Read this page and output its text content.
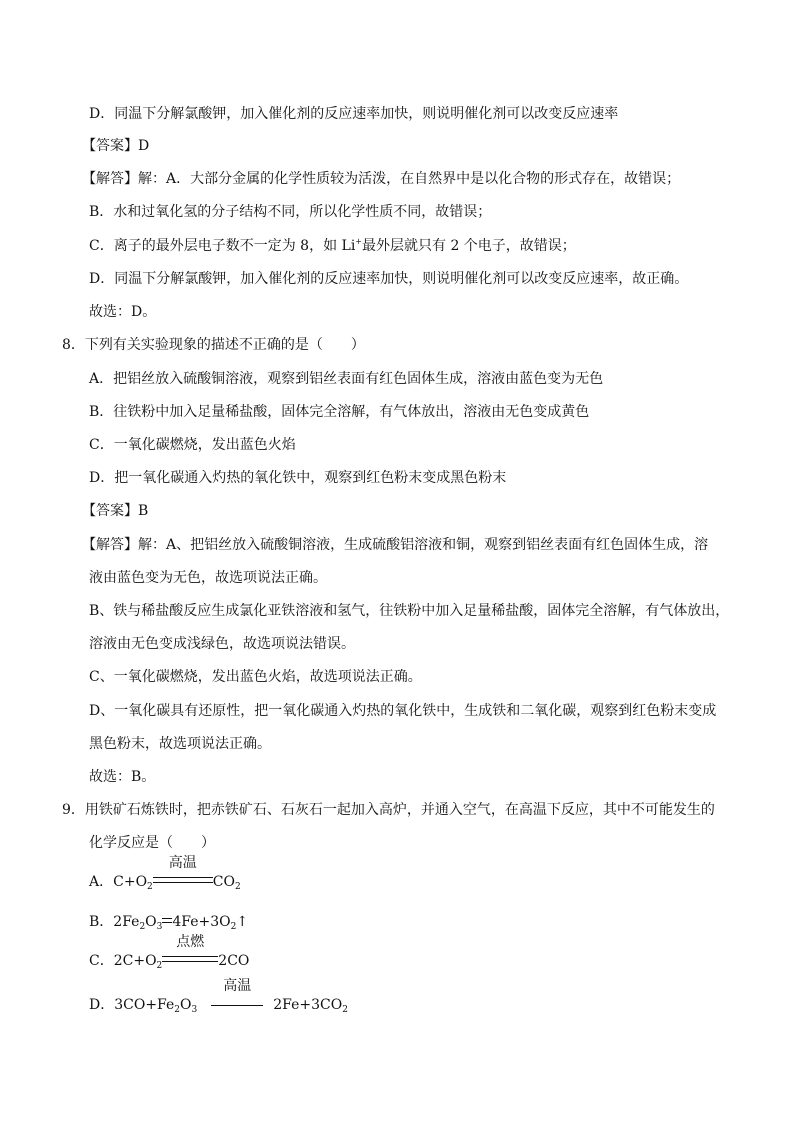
D．同温下分解氯酸钾，加入催化剂的反应速率加快，则说明催化剂可以改变反应速率
【答案】D
【解答】解：A．大部分金属的化学性质较为活泼，在自然界中是以化合物的形式存在，故错误；
B．水和过氧化氢的分子结构不同，所以化学性质不同，故错误；
C．离子的最外层电子数不一定为 8，如 Li+最外层就只有 2 个电子，故错误；
D．同温下分解氯酸钾，加入催化剂的反应速率加快，则说明催化剂可以改变反应速率，故正确。
故选：D。
8．下列有关实验现象的描述不正确的是（　　）
A．把铝丝放入硫酸铜溶液，观察到铝丝表面有红色固体生成，溶液由蓝色变为无色
B．往铁粉中加入足量稀盐酸，固体完全溶解，有气体放出，溶液由无色变成黄色
C．一氧化碳燃烧，发出蓝色火焰
D．把一氧化碳通入灼热的氧化铁中，观察到红色粉末变成黑色粉末
【答案】B
【解答】解：A、把铝丝放入硫酸铜溶液，生成硫酸铝溶液和铜，观察到铝丝表面有红色固体生成，溶
液由蓝色变为无色，故选项说法正确。
B、铁与稀盐酸反应生成氯化亚铁溶液和氢气，往铁粉中加入足量稀盐酸，固体完全溶解，有气体放出，
溶液由无色变成浅绿色，故选项说法错误。
C、一氧化碳燃烧，发出蓝色火焰，故选项说法正确。
D、一氧化碳具有还原性，把一氧化碳通入灼热的氧化铁中，生成铁和二氧化碳，观察到红色粉末变成
黑色粉末，故选项说法正确。
故选：B。
9．用铁矿石炼铁时，把赤铁矿石、石灰石一起加入高炉，并通入空气，在高温下反应，其中不可能发生的
化学反应是（　　）
A．$C+O_2$
高温
$CO_2$
B．$2Fe_2O_3$ $4Fe+3O_2↑$
C．$2C+O_2$
点燃
2CO
D．$3CO+Fe_2O_3$
高温
$2Fe+3CO_2$
